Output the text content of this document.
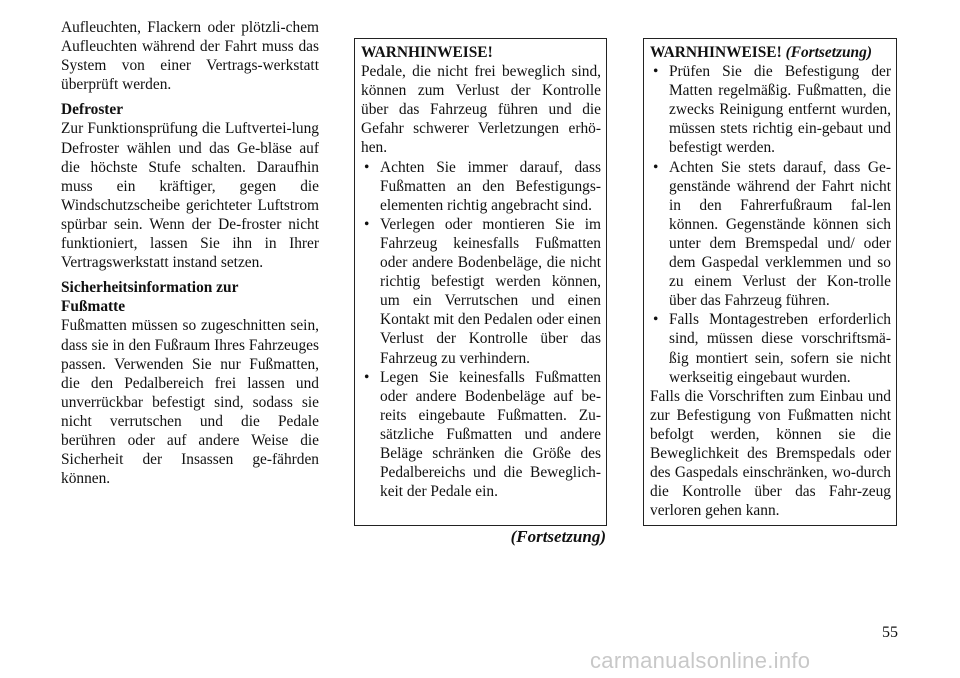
Aufleuchten, Flackern oder plötzli-chem Aufleuchten während der Fahrt muss das System von einer Vertrags-werkstatt überprüft werden.

Defroster
Zur Funktionsprüfung die Luftvertei-lung Defroster wählen und das Ge-bläse auf die höchste Stufe schalten. Daraufhin muss ein kräftiger, gegen die Windschutzscheibe gerichteter Luftstrom spürbar sein. Wenn der De-froster nicht funktioniert, lassen Sie ihn in Ihrer Vertragswerkstatt instand setzen.

Sicherheitsinformation zur
Fußmatte
Fußmatten müssen so zugeschnitten sein, dass sie in den Fußraum Ihres Fahrzeuges passen. Verwenden Sie nur Fußmatten, die den Pedalbereich frei lassen und unverrückbar befestigt sind, sodass sie nicht verrutschen und die Pedale berühren oder auf andere Weise die Sicherheit der Insassen ge-fährden können.

WARNHINWEISE!

Pedale, die nicht frei beweglich sind, können zum Verlust der Kontrolle über das Fahrzeug führen und die Gefahr schwerer Verletzungen erhö-hen.

• Achten Sie immer darauf, dass Fußmatten an den Befestigungs-elementen richtig angebracht sind.
• Verlegen oder montieren Sie im Fahrzeug keinesfalls Fußmatten oder andere Bodenbeläge, die nicht richtig befestigt werden können, um ein Verrutschen und einen Kontakt mit den Pedalen oder einen Verlust der Kontrolle über das Fahrzeug zu verhindern.
• Legen Sie keinesfalls Fußmatten oder andere Bodenbeläge auf be-reits eingebaute Fußmatten. Zu-sätzliche Fußmatten und andere Beläge schränken die Größe des Pedalbereichs und die Beweglich-keit der Pedale ein.
(Fortsetzung)

WARNHINWEISE! (Fortsetzung)

• Prüfen Sie die Befestigung der Matten regelmäßig. Fußmatten, die zwecks Reinigung entfernt wurden, müssen stets richtig ein-gebaut und befestigt werden.
• Achten Sie stets darauf, dass Ge-genstände während der Fahrt nicht in den Fahrerfußraum fal-len können. Gegenstände können sich unter dem Bremspedal und/ oder dem Gaspedal verklemmen und so zu einem Verlust der Kon-trolle über das Fahrzeug führen.
• Falls Montagestreben erforderlich sind, müssen diese vorschriftsmä-ßig montiert sein, sofern sie nicht werkseitig eingebaut wurden.

Falls die Vorschriften zum Einbau und zur Befestigung von Fußmatten nicht befolgt werden, können sie die Beweglichkeit des Bremspedals oder des Gaspedals einschränken, wo-durch die Kontrolle über das Fahr-zeug verloren gehen kann.

55
carmanualsonline.info
